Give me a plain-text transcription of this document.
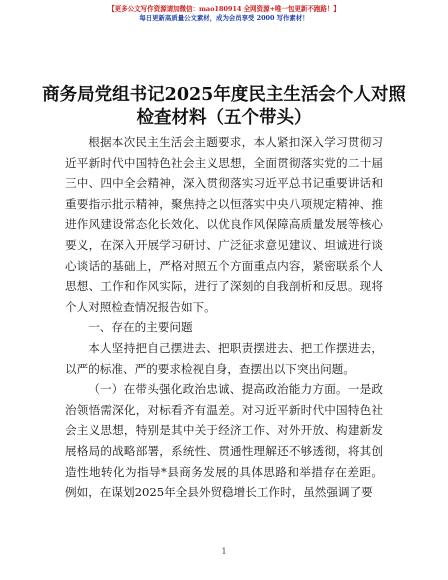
【更多公文写作资源请加微信：mao180914 全网资源+唯一包更新不跑路！】
每日更新高质量公文素材，成为会员享受 2000 写作素材！
商务局党组书记2025年度民主生活会个人对照检查材料（五个带头）

根据本次民主生活会主题要求，本人紧扣深入学习贯彻习近平新时代中国特色社会主义思想，全面贯彻落实党的二十届三中、四中全会精神，深入贯彻落实习近平总书记重要讲话和重要指示批示精神，聚焦持之以恒落实中央八项规定精神、推进作风建设常态化长效化、以优良作风保障高质量发展等核心要义，在深入开展学习研讨、广泛征求意见建议、坦诚进行谈心谈话的基础上，严格对照五个方面重点内容，紧密联系个人思想、工作和作风实际，进行了深刻的自我剖析和反思。现将个人对照检查情况报告如下。

一、存在的主要问题

本人坚持把自己摆进去、把职责摆进去、把工作摆进去，以严的标准、严的要求检视自身，查摆出以下突出问题。

（一）在带头强化政治忠诚、提高政治能力方面。一是政治领悟需深化，对标看齐有温差。对习近平新时代中国特色社会主义思想，特别是其中关于经济工作、对外开放、构建新发展格局的战略部署，系统性、贯通性理解还不够透彻，将其创造性地转化为指导*县商务发展的具体思路和举措存在差距。例如，在谋划2025年全县外贸稳增长工作时，虽然强调了要

1
